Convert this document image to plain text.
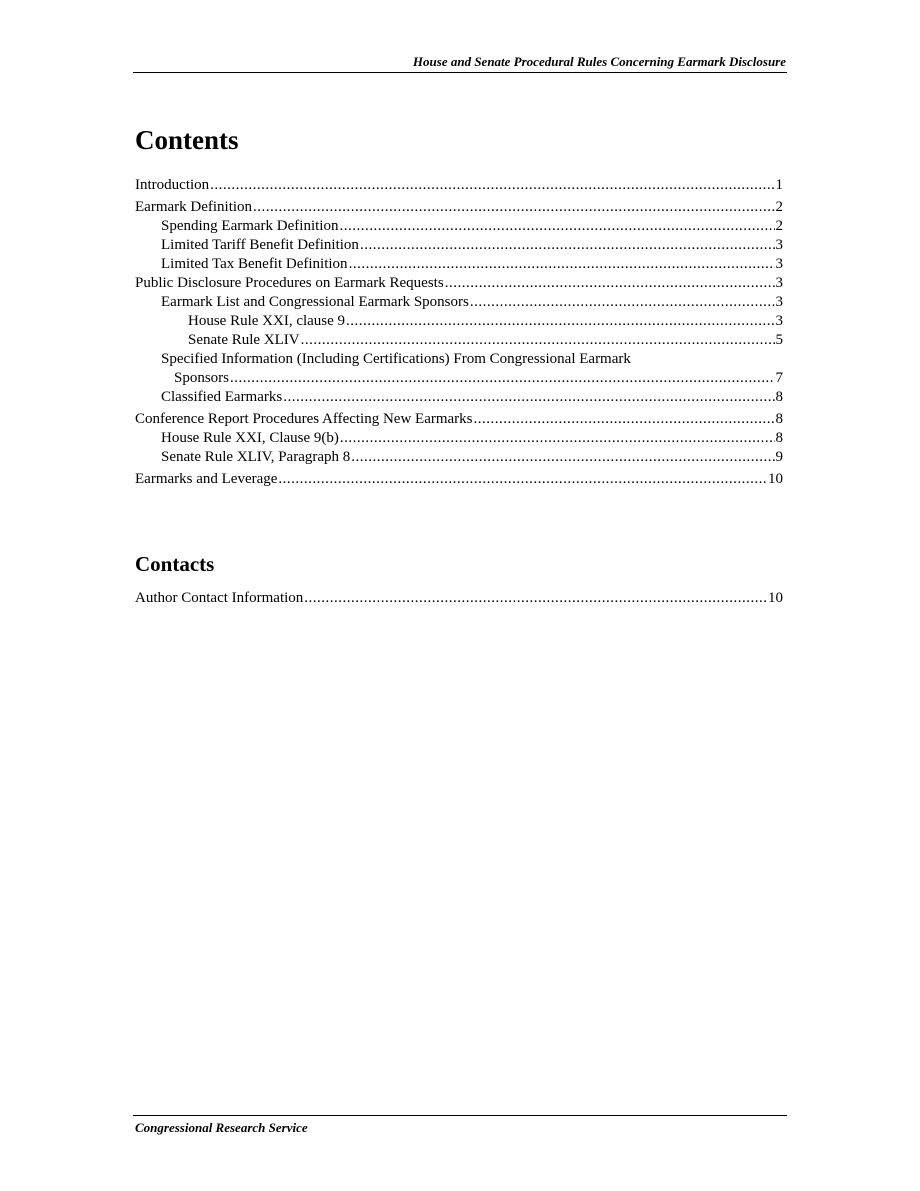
House and Senate Procedural Rules Concerning Earmark Disclosure
Contents
Introduction .....	1
Earmark Definition .....	2
Spending Earmark Definition .....	2
Limited Tariff Benefit Definition .....	3
Limited Tax Benefit Definition .....	3
Public Disclosure Procedures on Earmark Requests .....	3
Earmark List and Congressional Earmark Sponsors .....	3
House Rule XXI, clause 9 .....	3
Senate Rule XLIV .....	5
Specified Information (Including Certifications) From Congressional Earmark
Sponsors .....	7
Classified Earmarks .....	8
Conference Report Procedures Affecting New Earmarks .....	8
House Rule XXI, Clause 9(b) .....	8
Senate Rule XLIV, Paragraph 8 .....	9
Earmarks and Leverage .....	10
Contacts
Author Contact Information .....	10
Congressional Research Service
